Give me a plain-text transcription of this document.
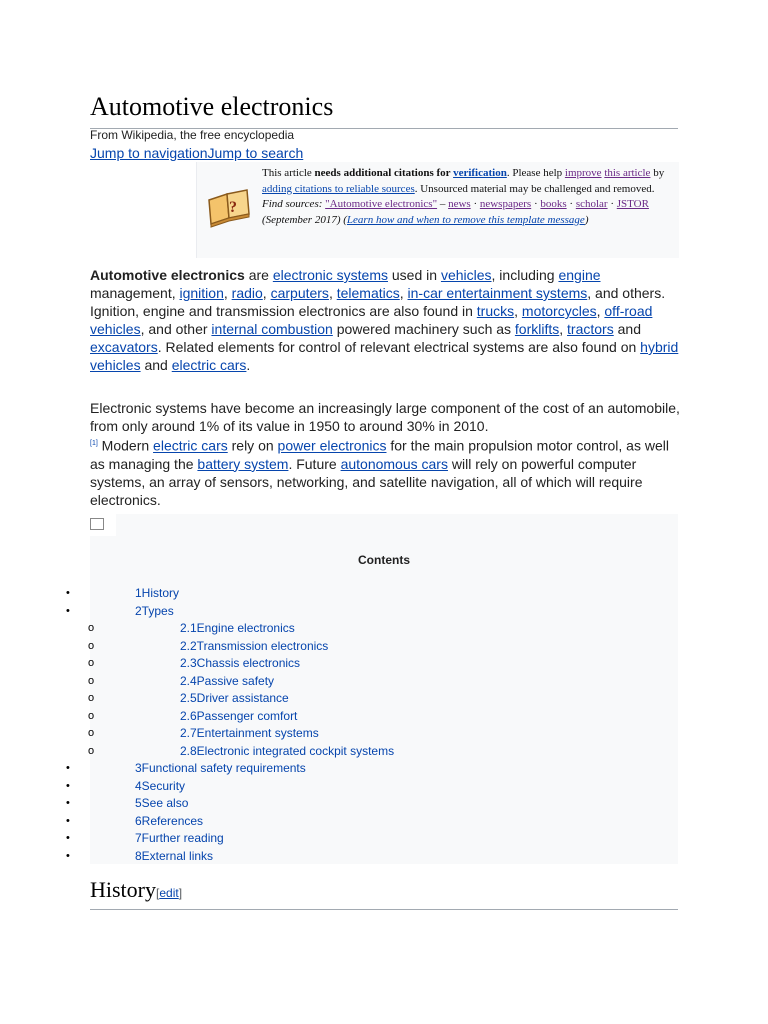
Automotive electronics
From Wikipedia, the free encyclopedia
Jump to navigationJump to search
?
This article needs additional citations for verification. Please help improve this article by adding citations to reliable sources. Unsourced material may be challenged and removed.
Find sources: "Automotive electronics" – news · newspapers · books · scholar · JSTOR (September 2017) (Learn how and when to remove this template message)

Automotive electronics are electronic systems used in vehicles, including engine management, ignition, radio, carputers, telematics, in-car entertainment systems, and others. Ignition, engine and transmission electronics are also found in trucks, motorcycles, off-road vehicles, and other internal combustion powered machinery such as forklifts, tractors and excavators. Related elements for control of relevant electrical systems are also found on hybrid vehicles and electric cars.

Electronic systems have become an increasingly large component of the cost of an automobile, from only around 1% of its value in 1950 to around 30% in 2010.
[1] Modern electric cars rely on power electronics for the main propulsion motor control, as well as managing the battery system. Future autonomous cars will rely on powerful computer systems, an array of sensors, networking, and satellite navigation, all of which will require electronics.

Contents
•	1History
•	2Types
o	2.1Engine electronics
o	2.2Transmission electronics
o	2.3Chassis electronics
o	2.4Passive safety
o	2.5Driver assistance
o	2.6Passenger comfort
o	2.7Entertainment systems
o	2.8Electronic integrated cockpit systems
•	3Functional safety requirements
•	4Security
•	5See also
•	6References
•	7Further reading
•	8External links
History[edit]
